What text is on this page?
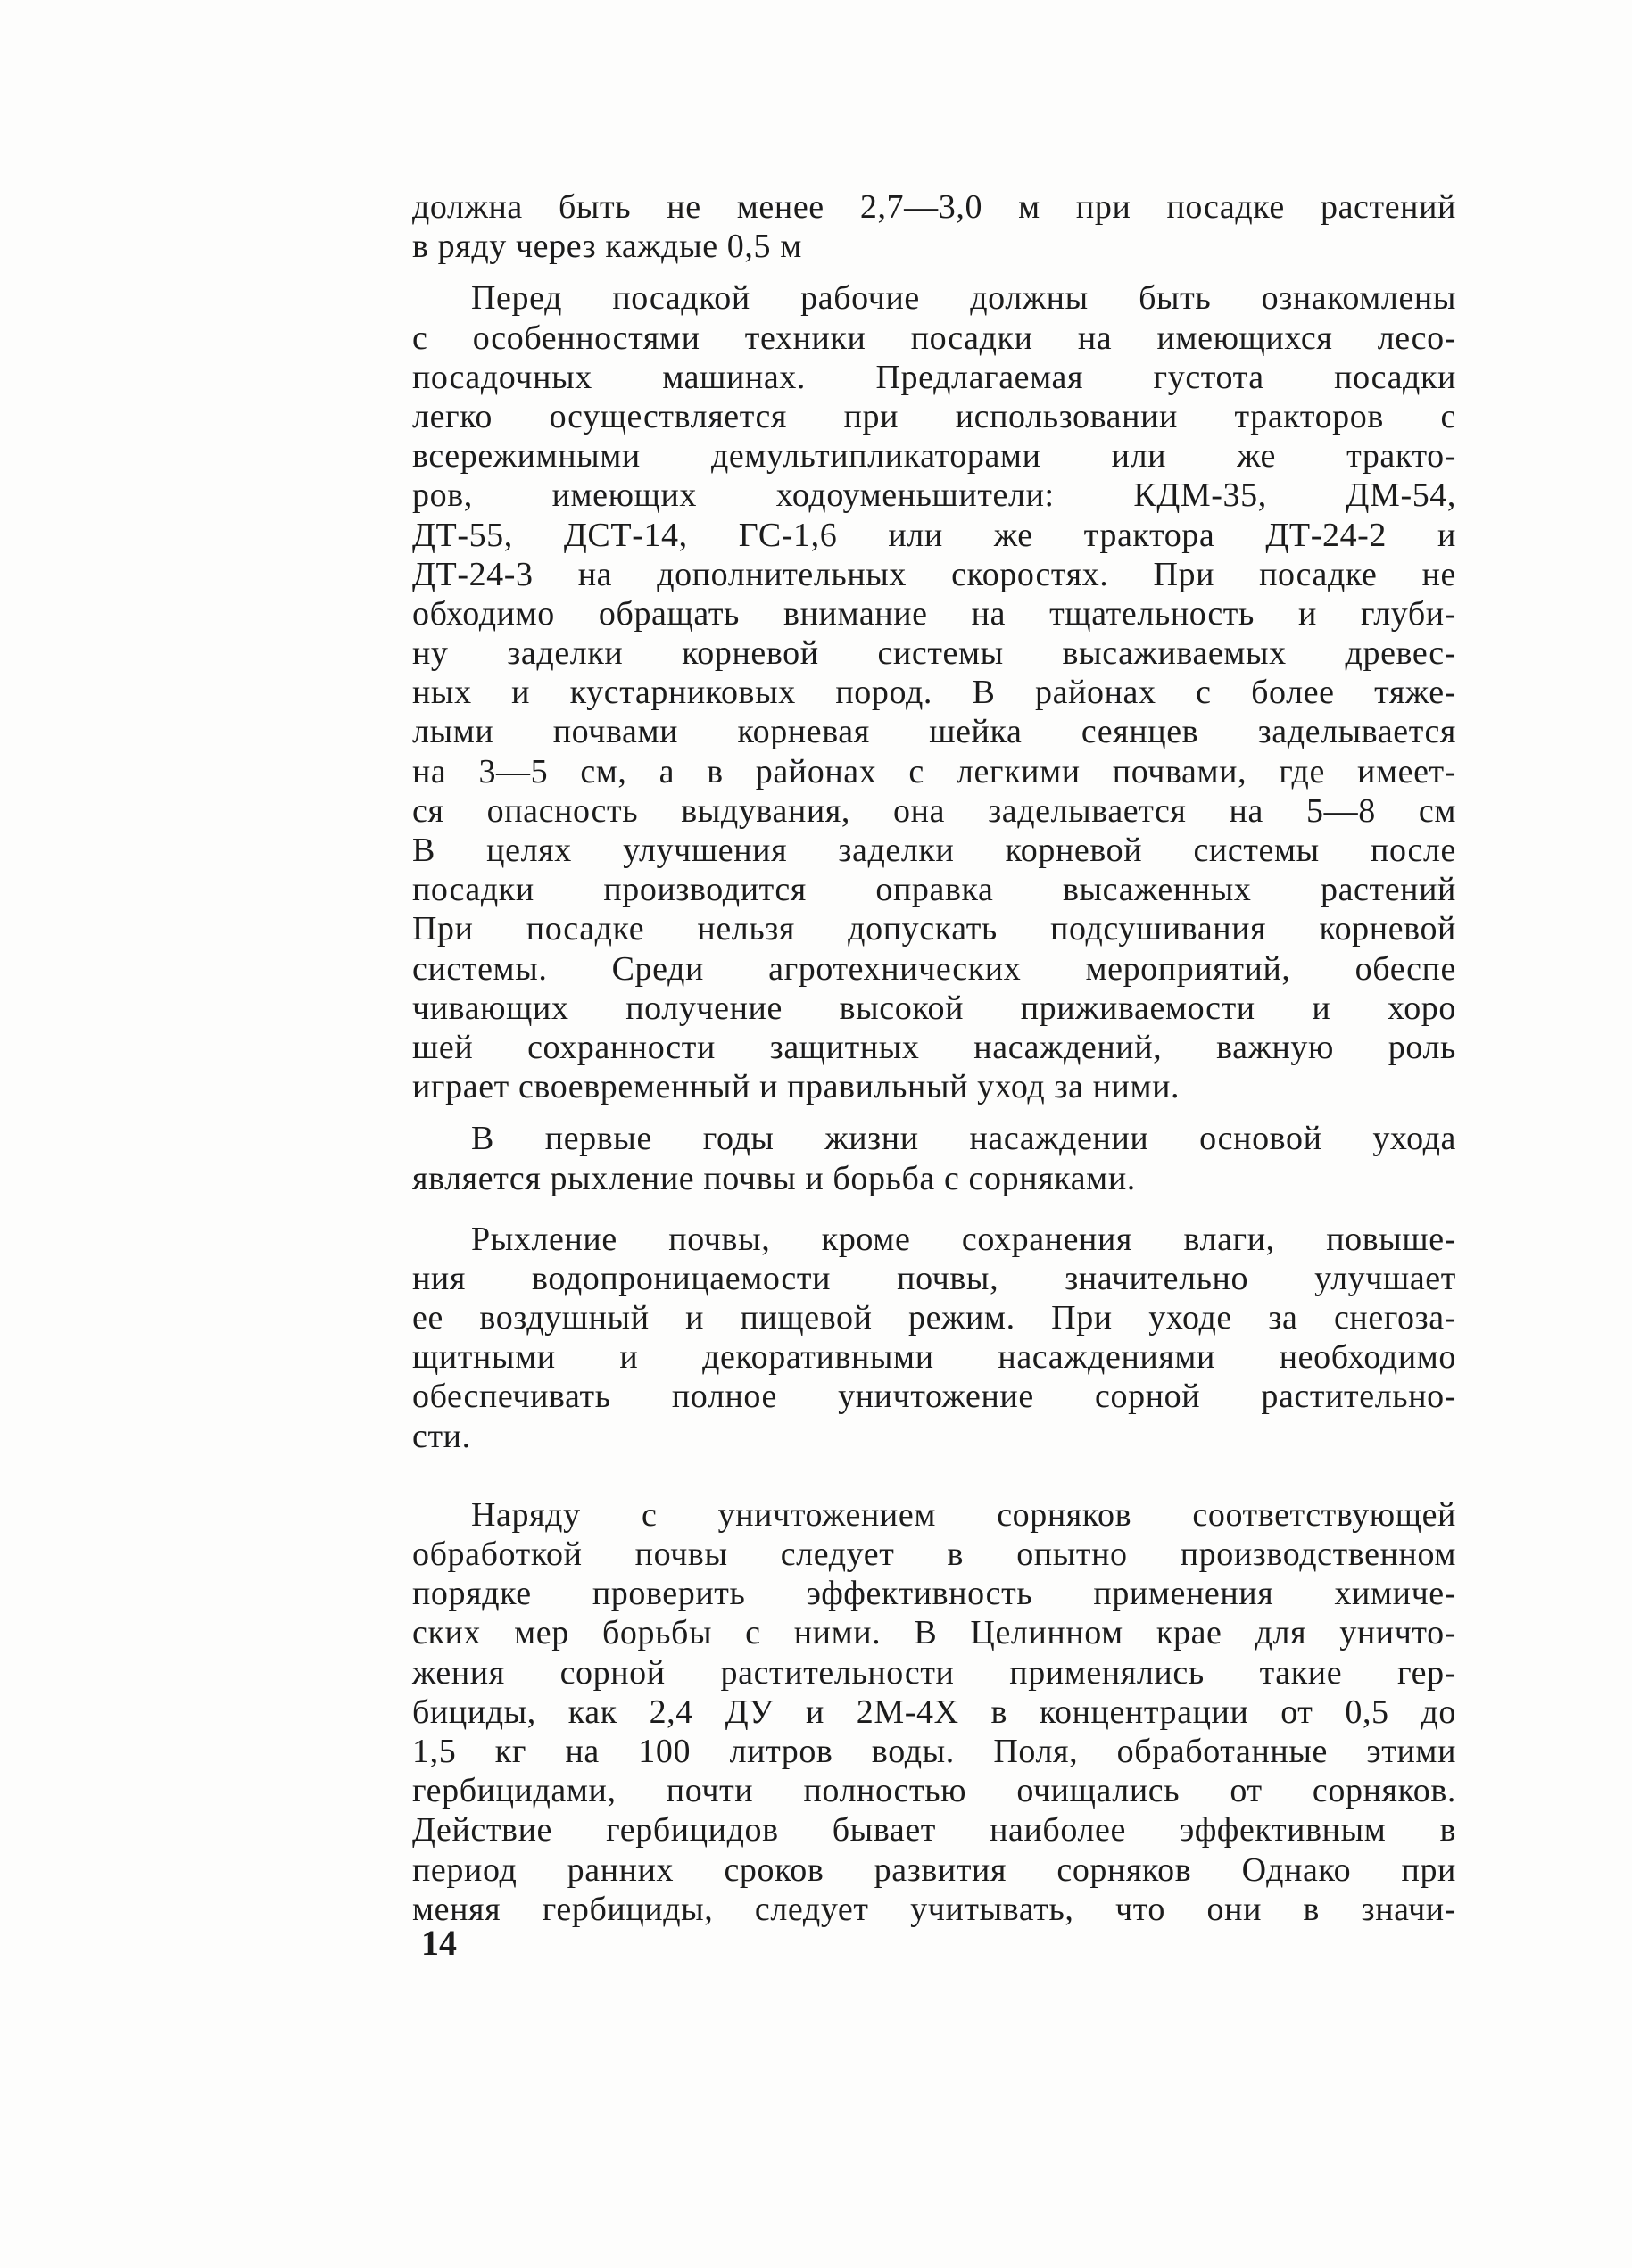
должна быть не менее 2,7—3,0 м при посадке растений
в ряду через каждые 0,5 м
Перед посадкой рабочие должны быть ознакомлены
с особенностями техники посадки на имеющихся лесо-
посадочных машинах. Предлагаемая густота посадки
легко осуществляется при использовании тракторов с
всережимными демультипликаторами или же тракто-
ров, имеющих ходоуменьшители: КДМ-35, ДМ-54,
ДТ-55, ДСТ-14, ГС-1,6 или же трактора ДТ-24-2 и
ДТ-24-3 на дополнительных скоростях. При посадке не
обходимо обращать внимание на тщательность и глуби-
ну заделки корневой системы высаживаемых древес-
ных и кустарниковых пород. В районах с более тяже-
лыми почвами корневая шейка сеянцев заделывается
на 3—5 см, а в районах с легкими почвами, где имеет-
ся опасность выдувания, она заделывается на 5—8 см
В целях улучшения заделки корневой системы после
посадки производится оправка высаженных растений
При посадке нельзя допускать подсушивания корневой
системы. Среди агротехнических мероприятий, обеспе
чивающих получение высокой приживаемости и хоро
шей сохранности защитных насаждений, важную роль
играет своевременный и правильный уход за ними.
В первые годы жизни насаждении основой ухода
является рыхление почвы и борьба с сорняками.
Рыхление почвы, кроме сохранения влаги, повыше-
ния водопроницаемости почвы, значительно улучшает
ее воздушный и пищевой режим. При уходе за снегоза-
щитными и декоративными насаждениями необходимо
обеспечивать полное уничтожение сорной растительно-
сти.
Наряду с уничтожением сорняков соответствующей
обработкой почвы следует в опытно производственном
порядке проверить эффективность применения химиче-
ских мер борьбы с ними. В Целинном крае для уничто-
жения сорной растительности применялись такие гер-
бициды, как 2,4 ДУ и 2М-4Х в концентрации от 0,5 до
1,5 кг на 100 литров воды. Поля, обработанные этими
гербицидами, почти полностью очищались от сорняков.
Действие гербицидов бывает наиболее эффективным в
период ранних сроков развития сорняков Однако при
меняя гербициды, следует учитывать, что они в значи-
14
